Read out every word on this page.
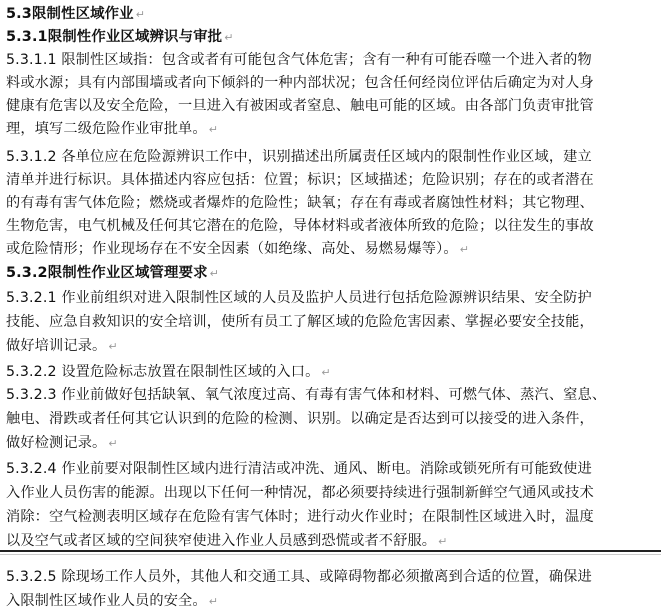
5.3限制性区域作业 ↵
5.3.1限制性作业区域辨识与审批 ↵
5.3.1.1 限制性区域指：包含或者有可能包含气体危害；含有一种有可能吞噬一个进入者的物
料或水源；具有内部围墙或者向下倾斜的一种内部状况；包含任何经岗位评估后确定为对人身
健康有危害以及安全危险，一旦进入有被困或者窒息、触电可能的区域。由各部门负责审批管
理，填写二级危险作业审批单。 ↵
5.3.1.2 各单位应在危险源辨识工作中，识别描述出所属责任区域内的限制性作业区域，建立
清单并进行标识。具体描述内容应包括：位置；标识；区域描述；危险识别；存在的或者潜在
的有毒有害气体危险；燃烧或者爆炸的危险性；缺氧；存在有毒或者腐蚀性材料；其它物理、
生物危害，电气机械及任何其它潜在的危险，导体材料或者液体所致的危险；以往发生的事故
或危险情形；作业现场存在不安全因素（如绝缘、高处、易燃易爆等）。 ↵
5.3.2限制性作业区域管理要求 ↵
5.3.2.1 作业前组织对进入限制性区域的人员及监护人员进行包括危险源辨识结果、安全防护
技能、应急自救知识的安全培训，使所有员工了解区域的危险危害因素、掌握必要安全技能，
做好培训记录。 ↵
5.3.2.2 设置危险标志放置在限制性区域的入口。 ↵
5.3.2.3 作业前做好包括缺氧、氧气浓度过高、有毒有害气体和材料、可燃气体、蒸汽、窒息、
触电、滑跌或者任何其它认识到的危险的检测、识别。以确定是否达到可以接受的进入条件，
做好检测记录。 ↵
5.3.2.4 作业前要对限制性区域内进行清洁或冲洗、通风、断电。消除或锁死所有可能致使进
入作业人员伤害的能源。出现以下任何一种情况，都必须要持续进行强制新鲜空气通风或技术
消除：空气检测表明区域存在危险有害气体时；进行动火作业时；在限制性区域进入时，温度
以及空气或者区域的空间狭窄使进入作业人员感到恐慌或者不舒服。 ↵
5.3.2.5 除现场工作人员外，其他人和交通工具、或障碍物都必须撤离到合适的位置，确保进
入限制性区域作业人员的安全。 ↵
